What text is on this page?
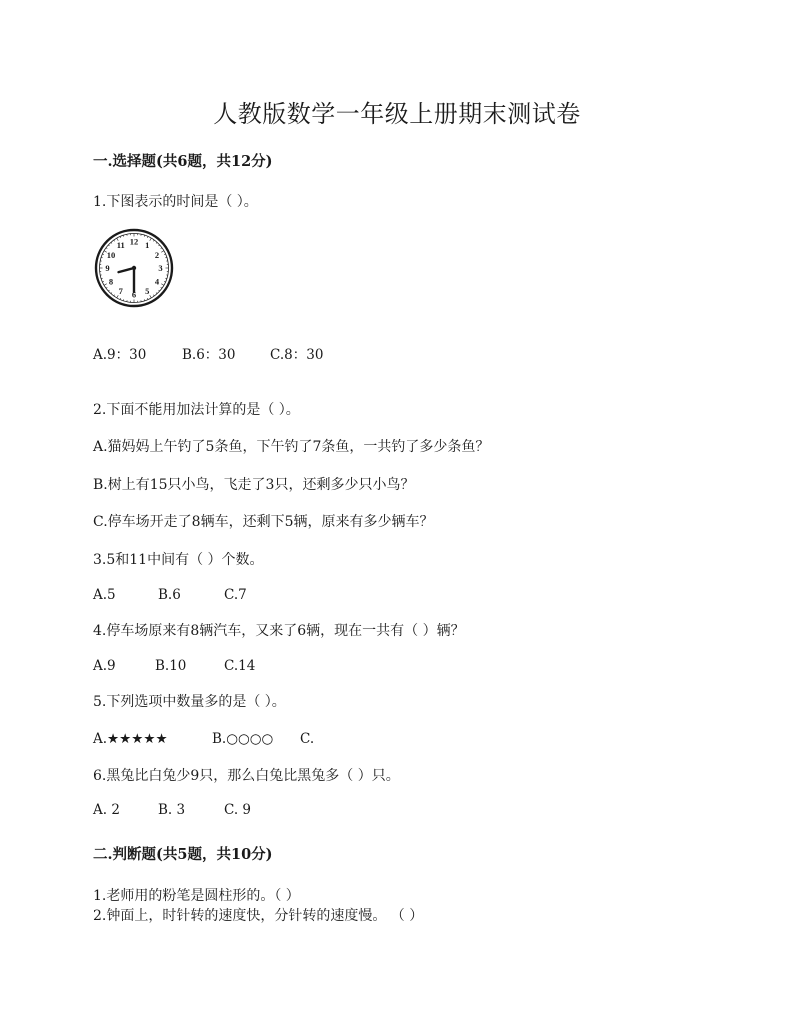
人教版数学一年级上册期末测试卷
一.选择题(共6题，共12分)
1.下图表示的时间是（ ）。
12 1
2
3
4
5
6
7
8
9
10
11
A.9：30	B.6：30	C.8：30
2.下面不能用加法计算的是（ ）。
A.猫妈妈上午钓了5条鱼，下午钓了7条鱼，一共钓了多少条鱼？
B.树上有15只小鸟，飞走了3只，还剩多少只小鸟？
C.停车场开走了8辆车，还剩下5辆，原来有多少辆车？
3.5和11中间有（ ）个数。
A.5	B.6	C.7
4.停车场原来有8辆汽车，又来了6辆，现在一共有（ ）辆？
A.9	B.10	C.14
5.下列选项中数量多的是（ ）。
A.★★★★★	B.○○○○ C.
6.黑兔比白兔少9只，那么白兔比黑兔多（ ）只。
A. 2	B. 3	C. 9
二.判断题(共5题，共10分)
1.老师用的粉笔是圆柱形的。（ ）
2.钟面上，时针转的速度快，分针转的速度慢。 （ ）
